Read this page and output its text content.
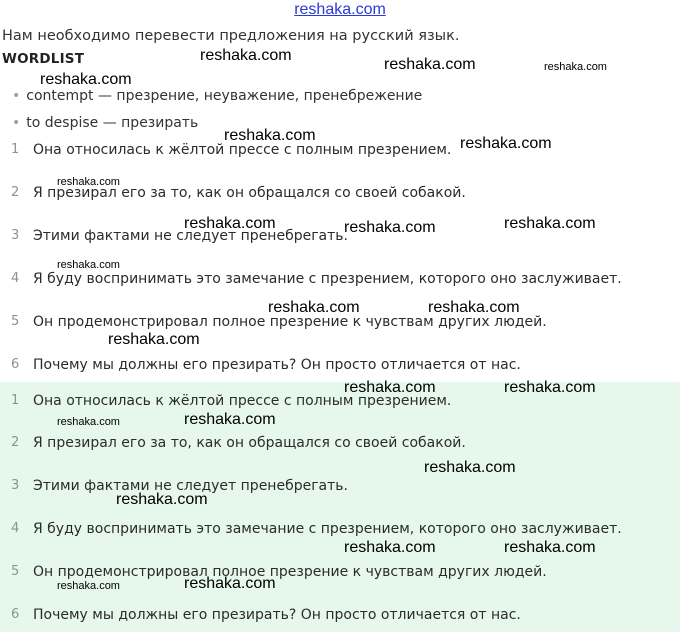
reshaka.com
Нам необходимо перевести предложения на русский язык.
WORDLIST
• contempt — презрение, неуважение, пренебрежение
• to despise — презирать
1 Она относилась к жёлтой прессе с полным презрением.
2 Я презирал его за то, как он обращался со своей собакой.
3 Этими фактами не следует пренебрегать.
4 Я буду воспринимать это замечание с презрением, которого оно заслуживает.
5 Он продемонстрировал полное презрение к чувствам других людей.
6 Почему мы должны его презирать? Он просто отличается от нас.
1 Она относилась к жёлтой прессе с полным презрением.
2 Я презирал его за то, как он обращался со своей собакой.
3 Этими фактами не следует пренебрегать.
4 Я буду воспринимать это замечание с презрением, которого оно заслуживает.
5 Он продемонстрировал полное презрение к чувствам других людей.
6 Почему мы должны его презирать? Он просто отличается от нас.
reshaka.com
reshaka.com	reshaka.com
reshaka.com
reshaka.com	reshaka.com
reshaka.com
reshaka.com	reshaka.com	reshaka.com
reshaka.com
reshaka.com	reshaka.com
reshaka.com
reshaka.com	reshaka.com
reshaka.com	reshaka.com
reshaka.com
reshaka.com
reshaka.com	reshaka.com
reshaka.com	reshaka.com
